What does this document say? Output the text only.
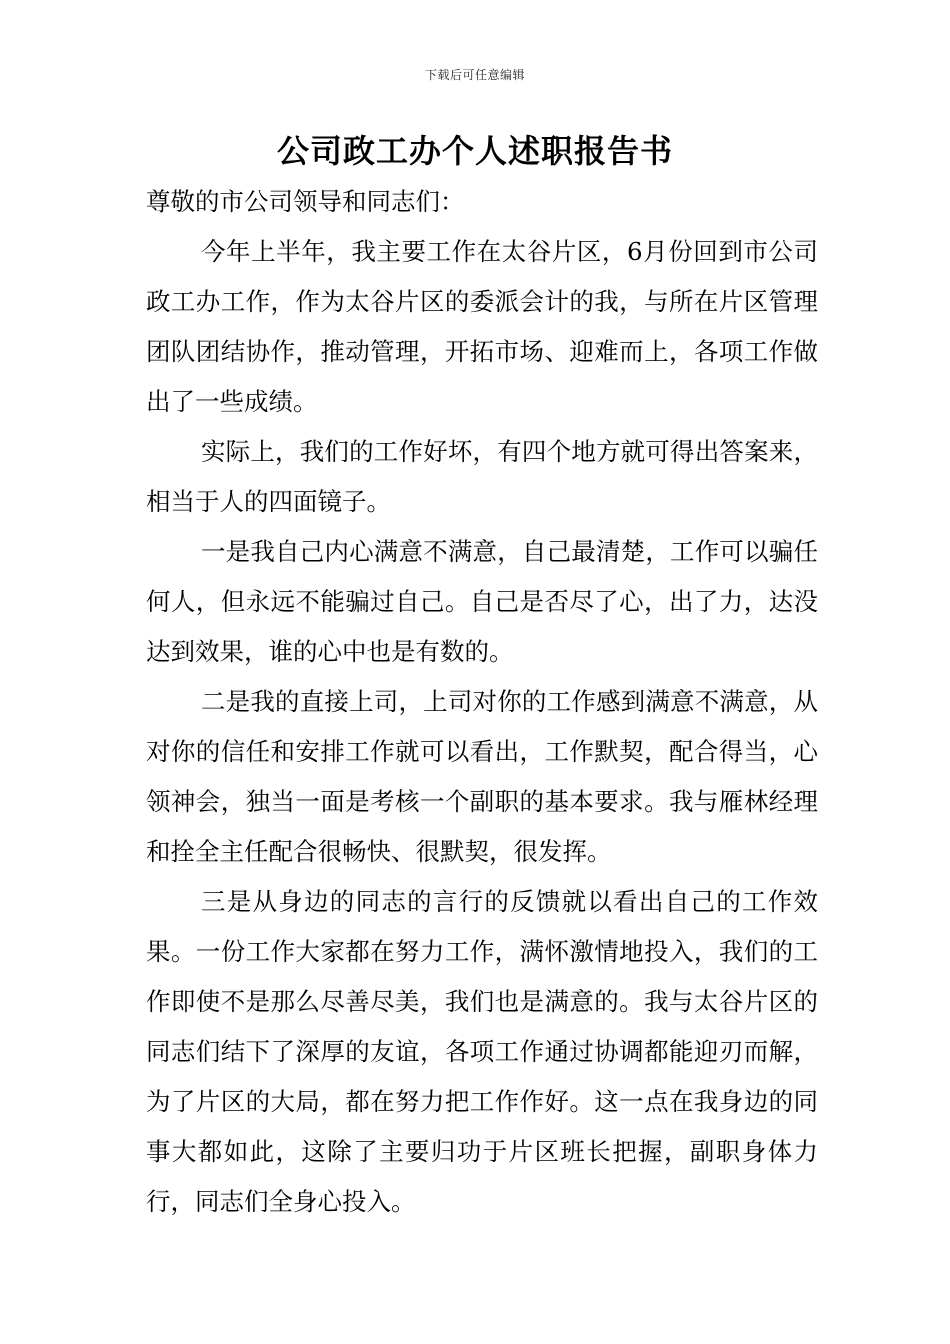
下载后可任意编辑
公司政工办个人述职报告书

尊敬的市公司领导和同志们：

今年上半年，我主要工作在太谷片区，6月份回到市公司政工办工作，作为太谷片区的委派会计的我，与所在片区管理团队团结协作，推动管理，开拓市场、迎难而上，各项工作做出了一些成绩。

实际上，我们的工作好坏，有四个地方就可得出答案来，相当于人的四面镜子。

一是我自己内心满意不满意，自己最清楚，工作可以骗任何人，但永远不能骗过自己。自己是否尽了心，出了力，达没达到效果，谁的心中也是有数的。

二是我的直接上司，上司对你的工作感到满意不满意，从对你的信任和安排工作就可以看出，工作默契，配合得当，心领神会，独当一面是考核一个副职的基本要求。我与雁林经理和拴全主任配合很畅快、很默契，很发挥。

三是从身边的同志的言行的反馈就以看出自己的工作效果。一份工作大家都在努力工作，满怀激情地投入，我们的工作即使不是那么尽善尽美，我们也是满意的。我与太谷片区的同志们结下了深厚的友谊，各项工作通过协调都能迎刃而解，为了片区的大局，都在努力把工作作好。这一点在我身边的同事大都如此，这除了主要归功于片区班长把握，副职身体力行，同志们全身心投入。
